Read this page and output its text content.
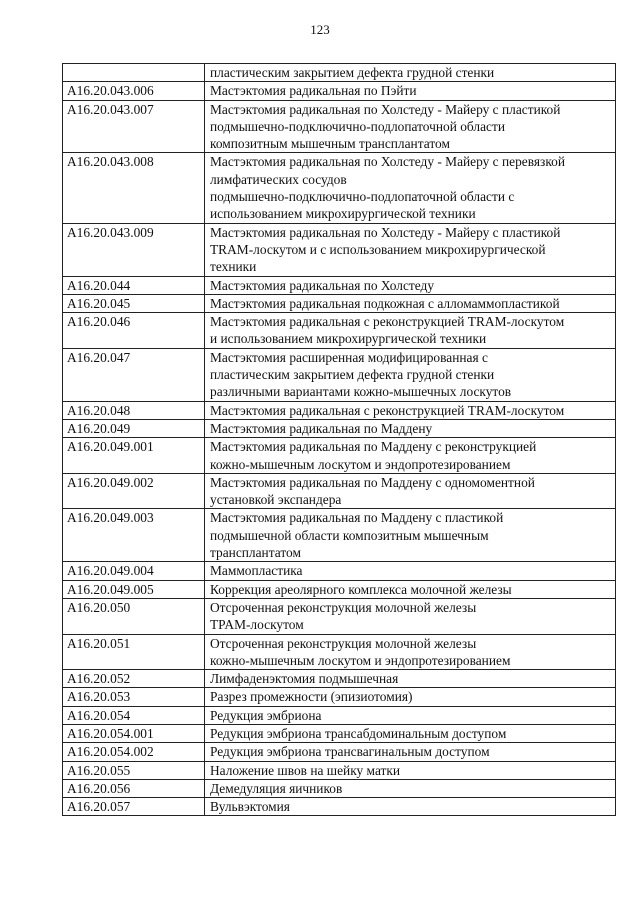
123

	пластическим закрытием дефекта грудной стенки

A16.20.043.006	Мастэктомия радикальная по Пэйти

A16.20.043.007	Мастэктомия радикальная по Холстеду - Майеру с пластикой
подмышечно-подключично-подлопаточной области
композитным мышечным трансплантатом

A16.20.043.008	Мастэктомия радикальная по Холстеду - Майеру с перевязкой
лимфатических сосудов
подмышечно-подключично-подлопаточной области с
использованием микрохирургической техники

A16.20.043.009	Мастэктомия радикальная по Холстеду - Майеру с пластикой
TRAM-лоскутом и с использованием микрохирургической
техники

A16.20.044	Мастэктомия радикальная по Холстеду

A16.20.045	Мастэктомия радикальная подкожная с алломаммопластикой

A16.20.046	Мастэктомия радикальная с реконструкцией TRAM-лоскутом
и использованием микрохирургической техники

A16.20.047	Мастэктомия расширенная модифицированная с
пластическим закрытием дефекта грудной стенки
различными вариантами кожно-мышечных лоскутов

A16.20.048	Мастэктомия радикальная с реконструкцией TRAM-лоскутом

A16.20.049	Мастэктомия радикальная по Маддену

A16.20.049.001	Мастэктомия радикальная по Маддену с реконструкцией
кожно-мышечным лоскутом и эндопротезированием

A16.20.049.002	Мастэктомия радикальная по Маддену с одномоментной
установкой экспандера

A16.20.049.003	Мастэктомия радикальная по Маддену с пластикой
подмышечной области композитным мышечным
трансплантатом

A16.20.049.004	Маммопластика

A16.20.049.005	Коррекция ареолярного комплекса молочной железы

A16.20.050	Отсроченная реконструкция молочной железы
TPAM-лоскутом

A16.20.051	Отсроченная реконструкция молочной железы
кожно-мышечным лоскутом и эндопротезированием

A16.20.052	Лимфаденэктомия подмышечная

A16.20.053	Разрез промежности (эпизиотомия)

A16.20.054	Редукция эмбриона

A16.20.054.001	Редукция эмбриона трансабдоминальным доступом

A16.20.054.002	Редукция эмбриона трансвагинальным доступом

A16.20.055	Наложение швов на шейку матки

A16.20.056	Демедуляция яичников

A16.20.057	Вульвэктомия
